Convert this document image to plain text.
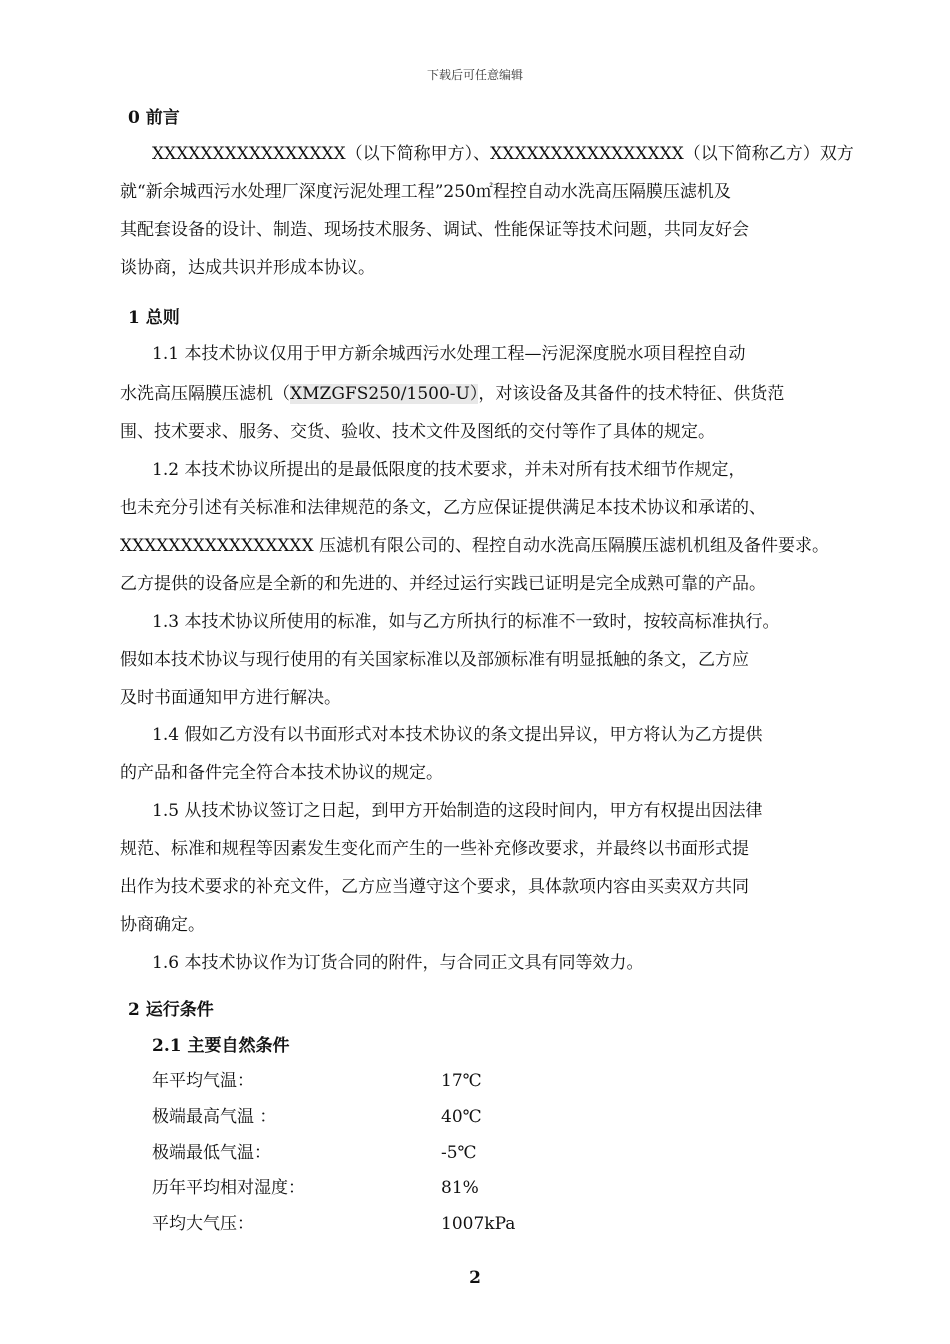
下载后可任意编辑
0 前言
XXXXXXXXXXXXXXXX（以下简称甲方）、XXXXXXXXXXXXXXXX（以下简称乙方）双方
就“新余城西污水处理厂深度污泥处理工程”250㎡程控自动水洗高压隔膜压滤机及
其配套设备的设计、制造、现场技术服务、调试、性能保证等技术问题，共同友好会
谈协商，达成共识并形成本协议。
1 总则
1.1 本技术协议仅用于甲方新余城西污水处理工程—污泥深度脱水项目程控自动
水洗高压隔膜压滤机（XMZGFS250/1500-U），对该设备及其备件的技术特征、供货范
围、技术要求、服务、交货、验收、技术文件及图纸的交付等作了具体的规定。
1.2 本技术协议所提出的是最低限度的技术要求，并未对所有技术细节作规定，
也未充分引述有关标准和法律规范的条文，乙方应保证提供满足本技术协议和承诺的、
XXXXXXXXXXXXXXXX 压滤机有限公司的、程控自动水洗高压隔膜压滤机机组及备件要求。
乙方提供的设备应是全新的和先进的、并经过运行实践已证明是完全成熟可靠的产品。
1.3 本技术协议所使用的标准，如与乙方所执行的标准不一致时，按较高标准执行。
假如本技术协议与现行使用的有关国家标准以及部颁标准有明显抵触的条文，乙方应
及时书面通知甲方进行解决。
1.4 假如乙方没有以书面形式对本技术协议的条文提出异议，甲方将认为乙方提供
的产品和备件完全符合本技术协议的规定。
1.5 从技术协议签订之日起，到甲方开始制造的这段时间内，甲方有权提出因法律
规范、标准和规程等因素发生变化而产生的一些补充修改要求，并最终以书面形式提
出作为技术要求的补充文件，乙方应当遵守这个要求，具体款项内容由买卖双方共同
协商确定。
1.6 本技术协议作为订货合同的附件，与合同正文具有同等效力。
2 运行条件
2.1 主要自然条件
年平均气温：	17℃
极端最高气温 ：	40℃
极端最低气温：	-5℃
历年平均相对湿度：	81%
平均大气压：	1007kPa
2
